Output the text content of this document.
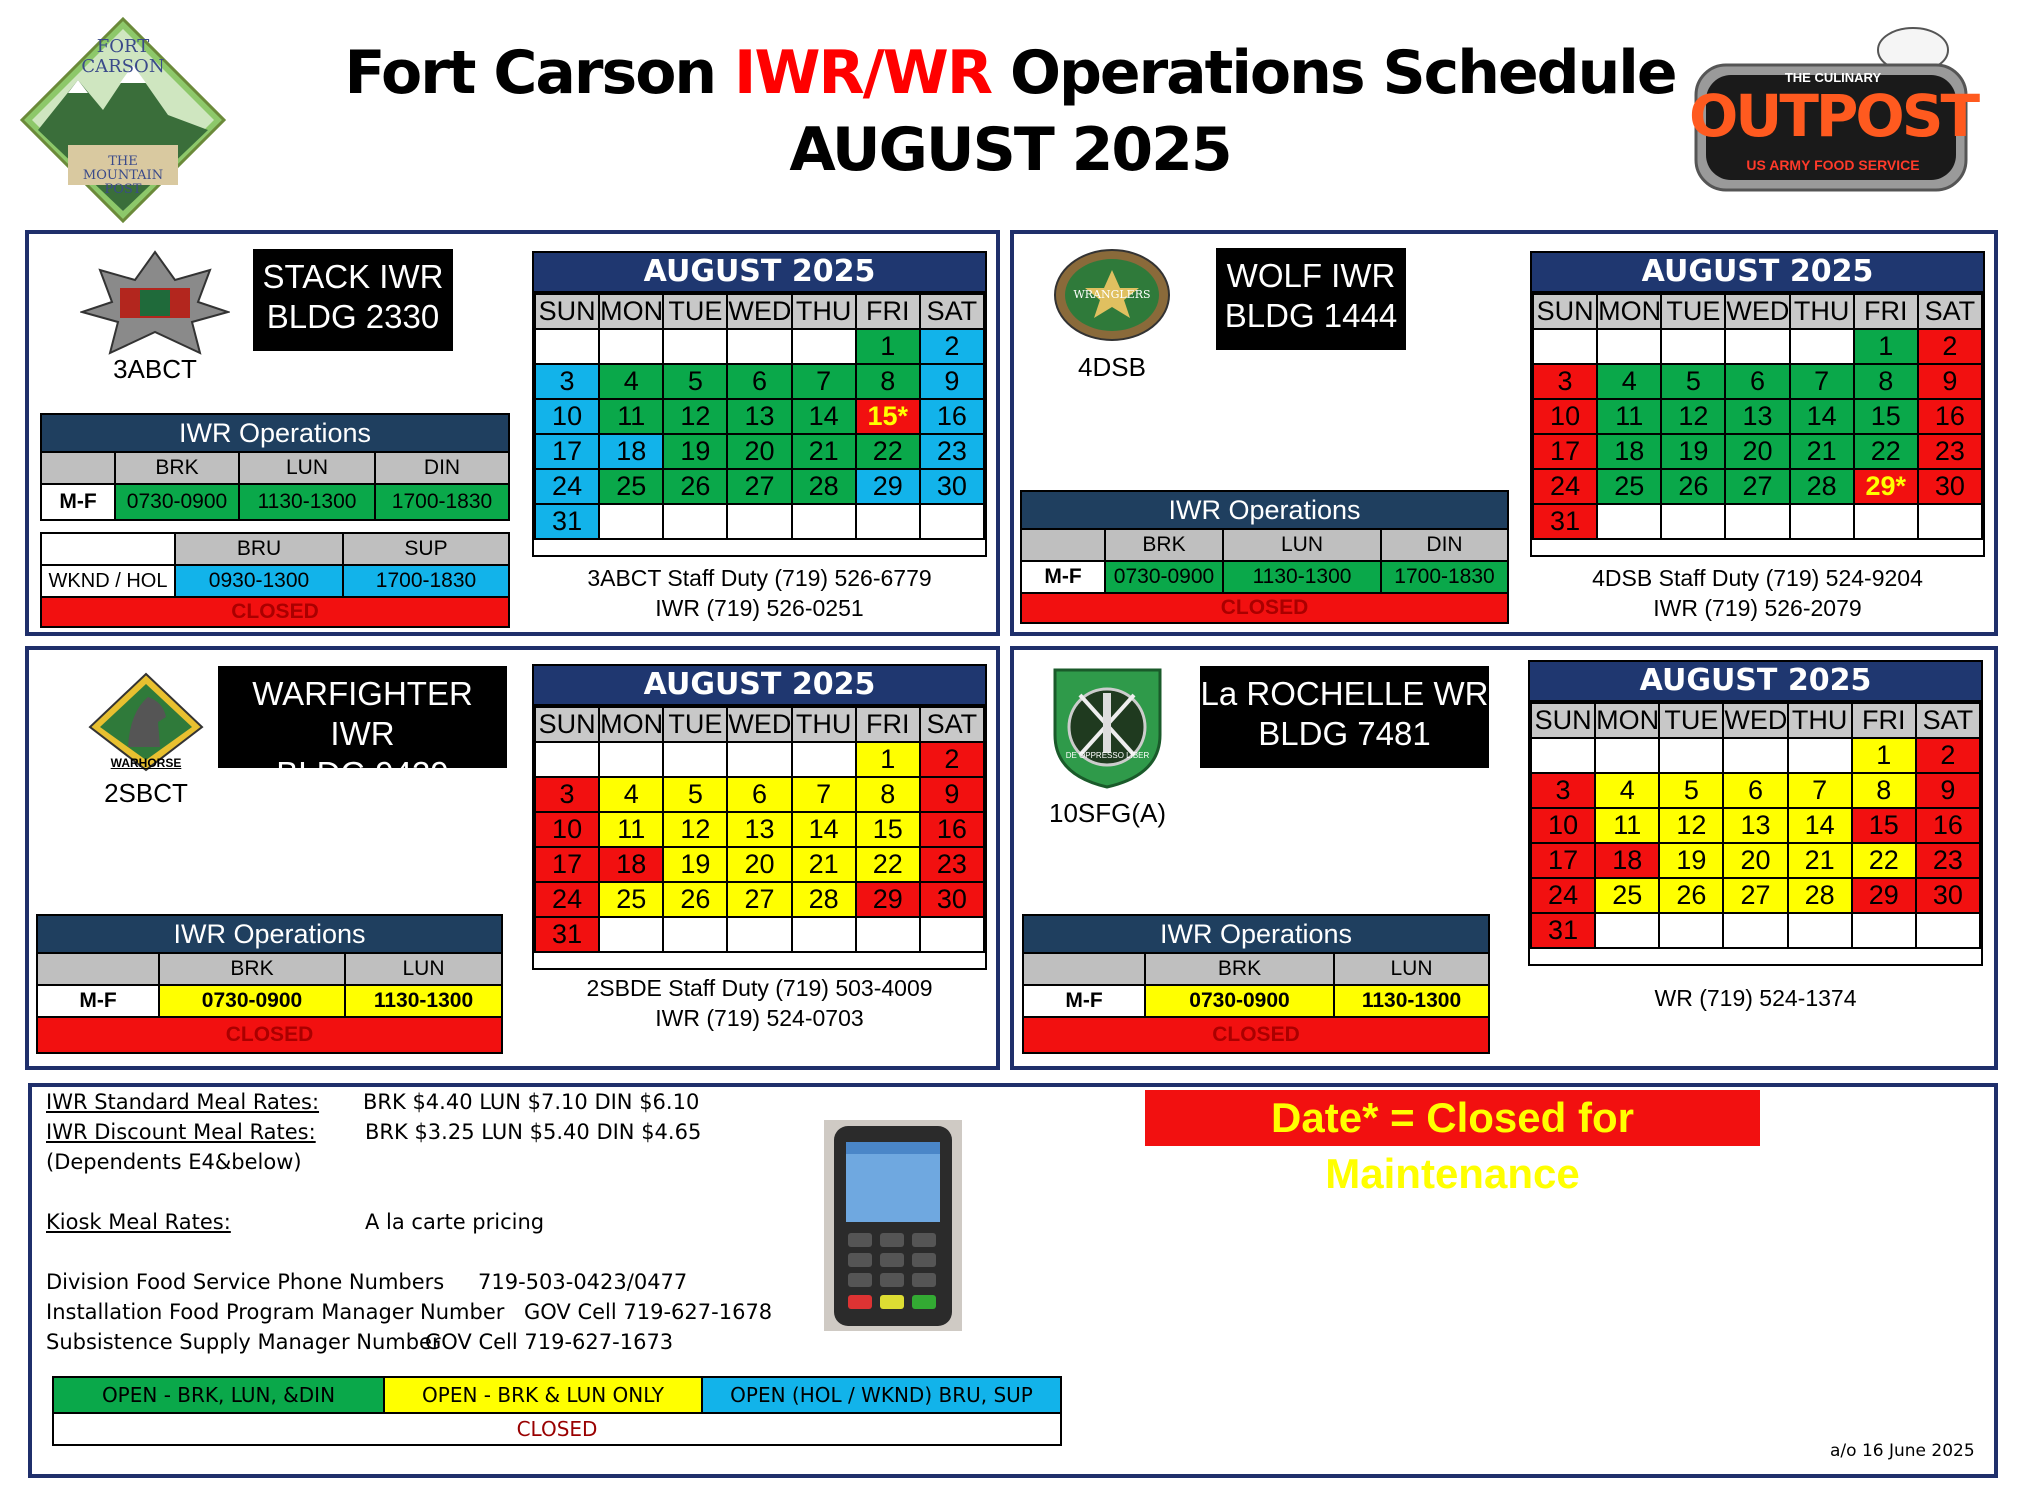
Fort Carson IWR/WR Operations Schedule
AUGUST 2025
FORT
CARSON
THE
MOUNTAIN
POST
THE CULINARY
OUTPOST
US ARMY FOOD SERVICE
3ABCT
STACK IWR
BLDG 2330
AUGUST 2025
SUN	MON	TUE	WED	THU	FRI	SAT
					1	2
3	4	5	6	7	8	9
10	11	12	13	14	15*	16
17	18	19	20	21	22	23
24	25	26	27	28	29	30
31						
3ABCT Staff Duty (719) 526-6779
IWR (719) 526-0251
IWR Operations			
	BRK	LUN	DIN
M-F	0730-0900	1130-1300	1700-1830
	BRU	SUP
WKND / HOL	0930-1300	1700-1830
CLOSED		
WRANGLERS
4DSB
WOLF IWR
BLDG 1444
AUGUST 2025
SUN	MON	TUE	WED	THU	FRI	SAT
					1	2
3	4	5	6	7	8	9
10	11	12	13	14	15	16
17	18	19	20	21	22	23
24	25	26	27	28	29*	30
31						
4DSB Staff Duty (719) 524-9204
IWR (719) 526-2079
IWR Operations			
	BRK	LUN	DIN
M-F	0730-0900	1130-1300	1700-1830
CLOSED			
WARHORSE
2SBCT
WARFIGHTER IWR
BLDG 9439
AUGUST 2025
SUN	MON	TUE	WED	THU	FRI	SAT
					1	2
3	4	5	6	7	8	9
10	11	12	13	14	15	16
17	18	19	20	21	22	23
24	25	26	27	28	29	30
31						
2SBDE Staff Duty (719) 503-4009
IWR (719) 524-0703
IWR Operations		
	BRK	LUN
M-F	0730-0900	1130-1300
CLOSED		
DE OPPRESSO LIBER
10SFG(A)
La ROCHELLE WR
BLDG 7481
AUGUST 2025
SUN	MON	TUE	WED	THU	FRI	SAT
					1	2
3	4	5	6	7	8	9
10	11	12	13	14	15	16
17	18	19	20	21	22	23
24	25	26	27	28	29	30
31						
WR (719) 524-1374
IWR Operations		
	BRK	LUN
M-F	0730-0900	1130-1300
CLOSED		
IWR Standard Meal Rates: BRK $4.40 LUN $7.10 DIN $6.10
IWR Discount Meal Rates: BRK $3.25 LUN $5.40 DIN $4.65
(Dependents E4&below)
Kiosk Meal Rates:	A la carte pricing
Division Food Service Phone Numbers 719-503-0423/0477
Installation Food Program Manager Number GOV Cell 719-627-1678
Subsistence Supply Manager Number
GOV Cell 719-627-1673
Date* = Closed for Maintenance
OPEN - BRK, LUN, &DIN	OPEN - BRK & LUN ONLY	OPEN (HOL / WKND) BRU, SUP
CLOSED
a/o 16 June 2025
